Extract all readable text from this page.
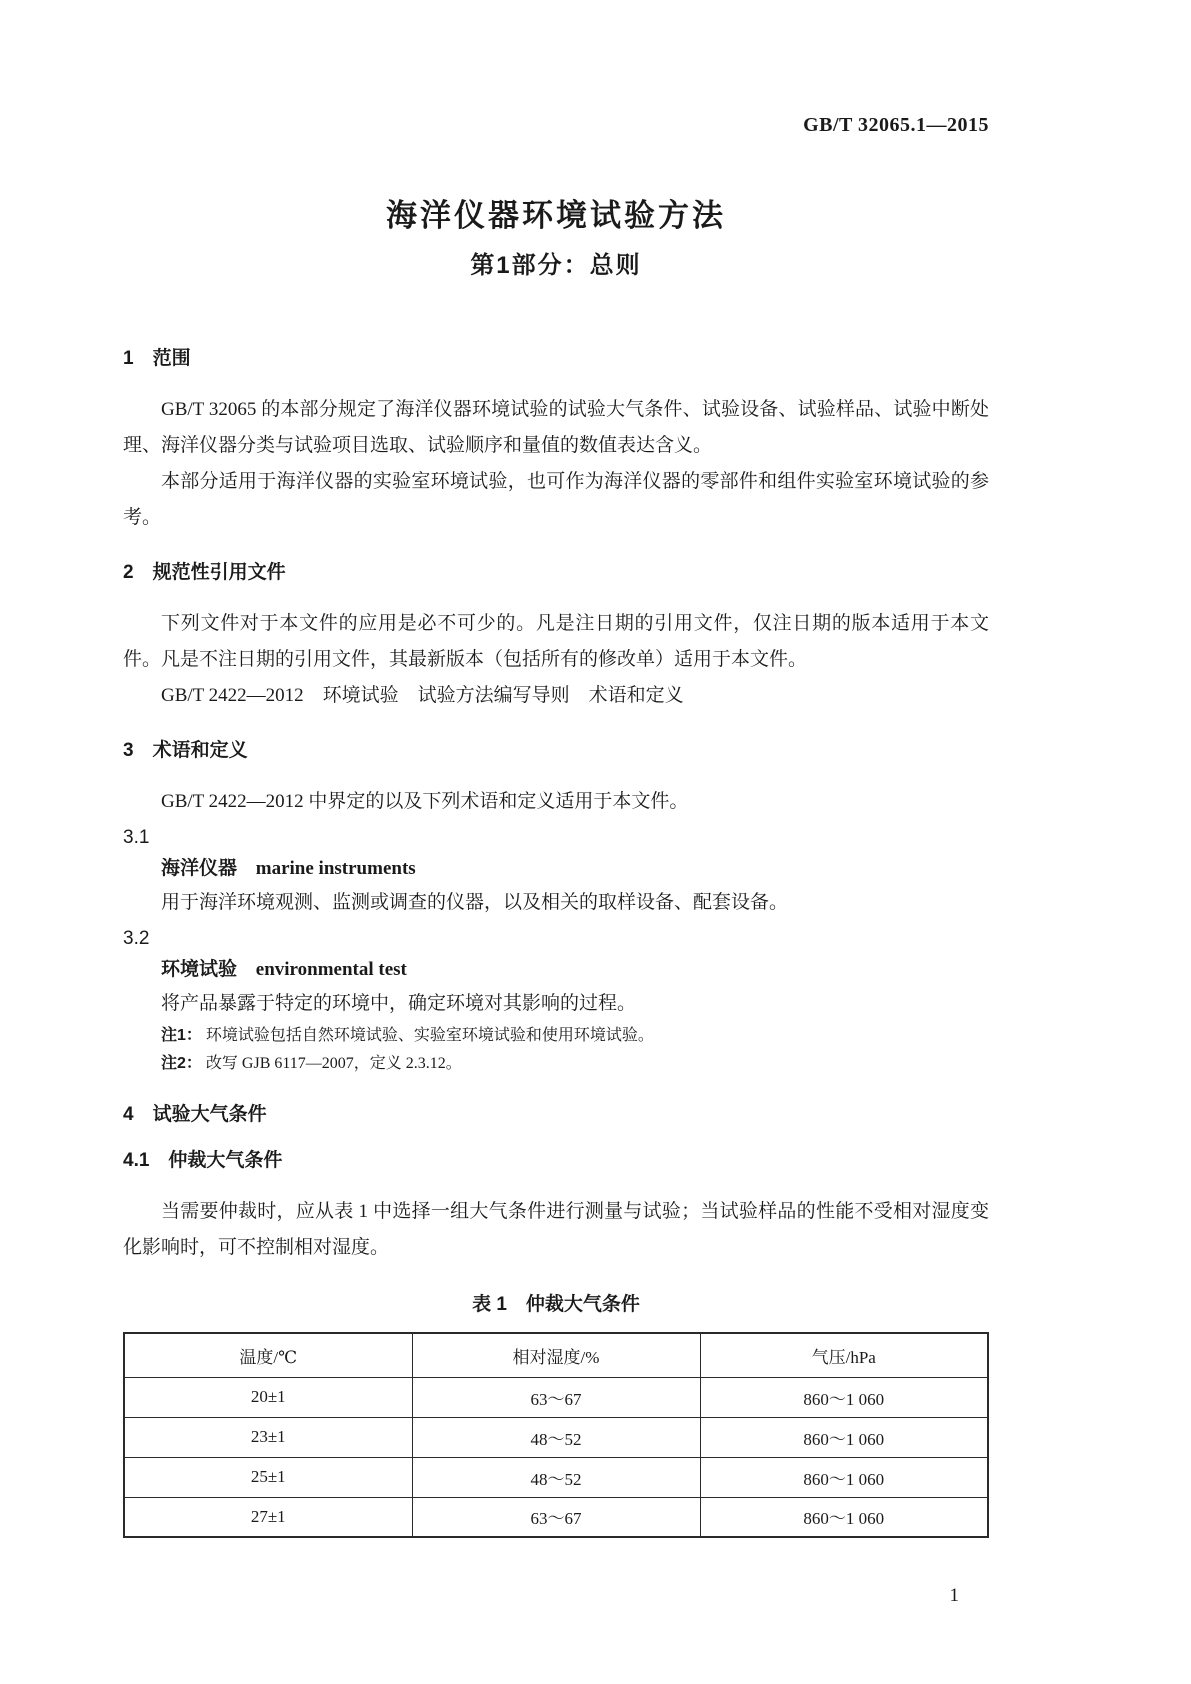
GB/T 32065.1—2015
海洋仪器环境试验方法
第1部分：总则
1　范围

GB/T 32065 的本部分规定了海洋仪器环境试验的试验大气条件、试验设备、试验样品、试验中断处理、海洋仪器分类与试验项目选取、试验顺序和量值的数值表达含义。

本部分适用于海洋仪器的实验室环境试验，也可作为海洋仪器的零部件和组件实验室环境试验的参考。

2　规范性引用文件

下列文件对于本文件的应用是必不可少的。凡是注日期的引用文件，仅注日期的版本适用于本文件。凡是不注日期的引用文件，其最新版本（包括所有的修改单）适用于本文件。

GB/T 2422—2012　环境试验　试验方法编写导则　术语和定义

3　术语和定义

GB/T 2422—2012 中界定的以及下列术语和定义适用于本文件。

3.1
海洋仪器 marine instruments

用于海洋环境观测、监测或调查的仪器，以及相关的取样设备、配套设备。

3.2
环境试验 environmental test

将产品暴露于特定的环境中，确定环境对其影响的过程。

注1： 环境试验包括自然环境试验、实验室环境试验和使用环境试验。
注2： 改写 GJB 6117—2007，定义 2.3.12。
4　试验大气条件
4.1　仲裁大气条件

当需要仲裁时，应从表 1 中选择一组大气条件进行测量与试验；当试验样品的性能不受相对湿度变化影响时，可不控制相对湿度。

表 1　仲裁大气条件
温度/℃	相对湿度/%	气压/hPa
20±1	63～67	860～1 060
23±1	48～52	860～1 060
25±1	48～52	860～1 060
27±1	63～67	860～1 060
1
